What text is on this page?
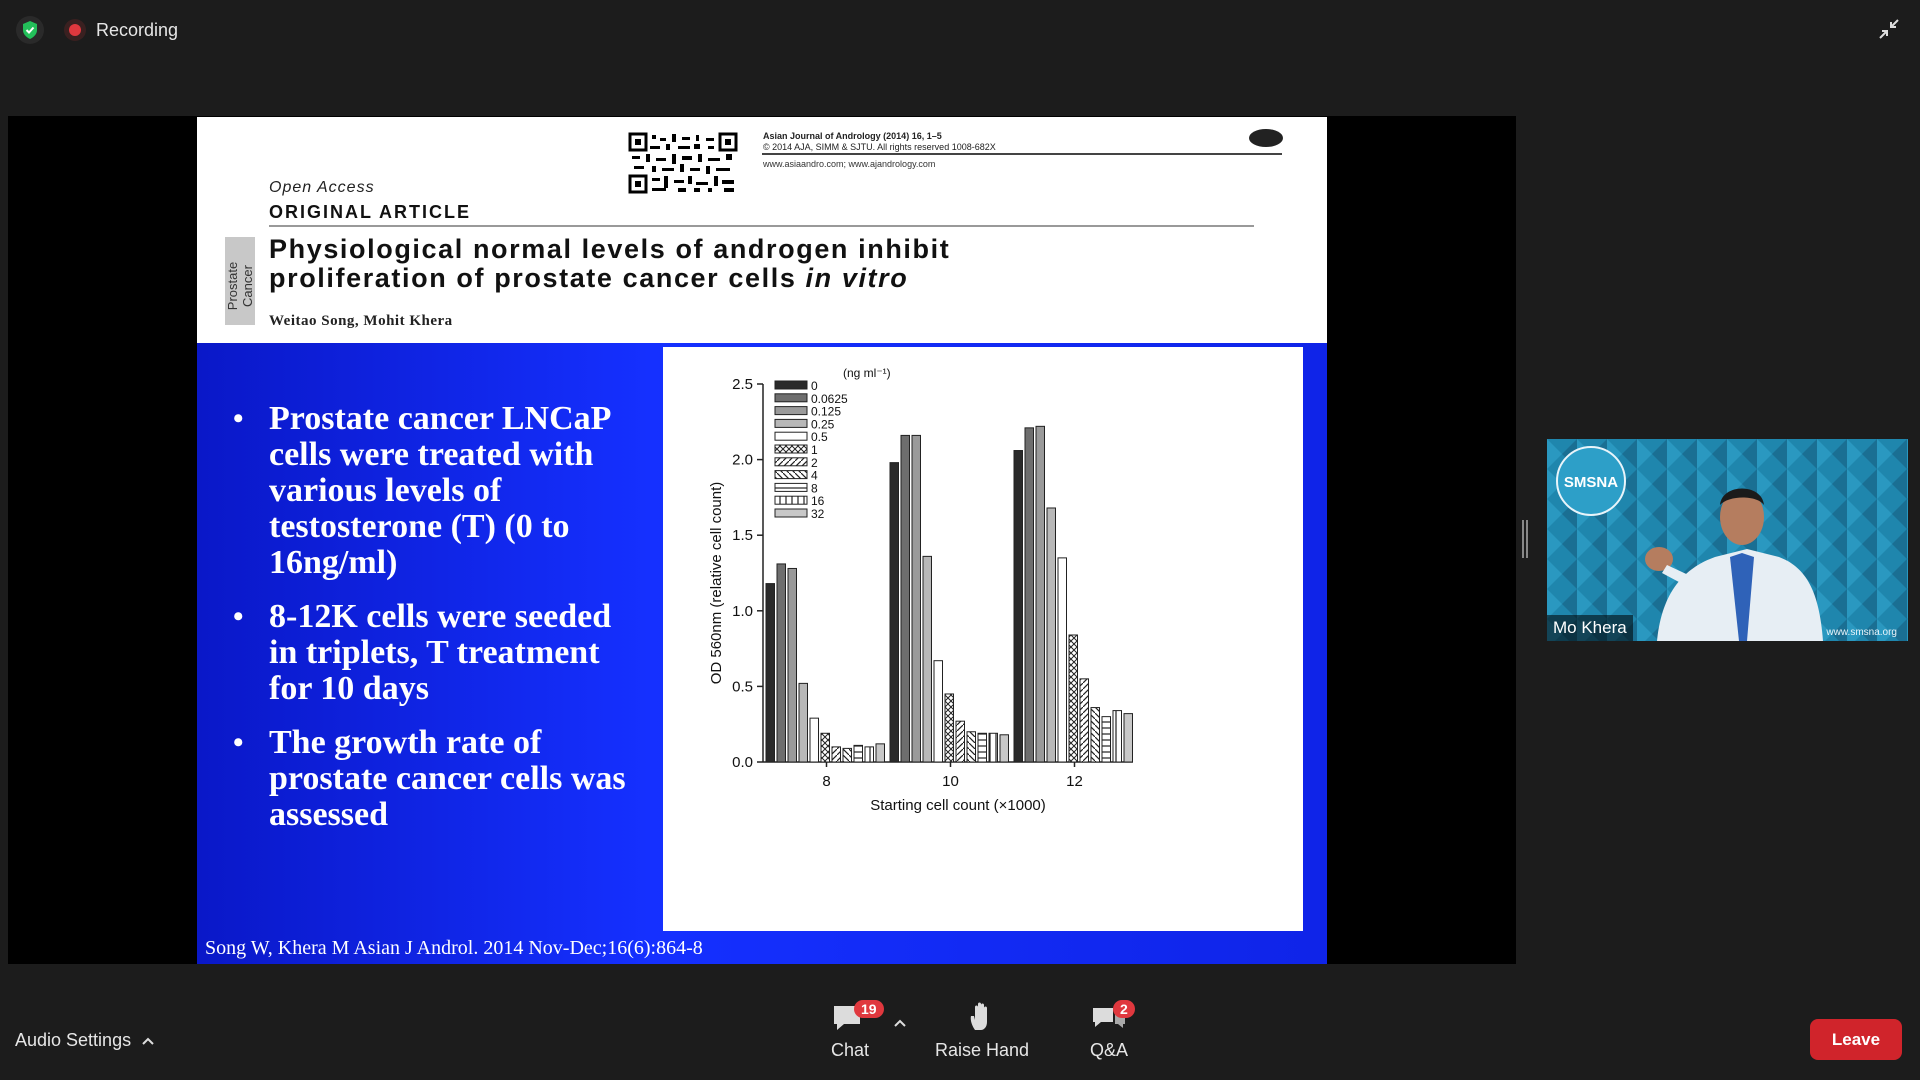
Recording
Asian Journal of Andrology (2014) 16, 1–5
© 2014 AJA, SIMM & SJTU. All rights reserved 1008-682X
www.asiaandro.com; www.ajandrology.com
Open Access
ORIGINAL ARTICLE
Prostate Cancer
Physiological normal levels of androgen inhibit
proliferation of prostate cancer cells in vitro
Weitao Song, Mohit Khera
• Prostate cancer LNCaP cells were treated with various levels of testosterone (T) (0 to 16ng/ml)
• 8-12K cells were seeded in triplets, T treatment for 10 days
• The growth rate of prostate cancer cells was assessed
0.0
0.5
1.0
1.5
2.0
2.5
OD 560nm (relative cell count)
8	10	12
Starting cell count (×1000)
(ng ml⁻¹)
0
0.0625
0.125
0.25
0.5
1
2
4
8
16
32
Song W, Khera M Asian J Androl. 2014 Nov-Dec;16(6):864-8
SMSNA
www.smsna.org
Mo Khera
Audio Settings
19
Chat	Raise Hand
2
Q&A
Leave
